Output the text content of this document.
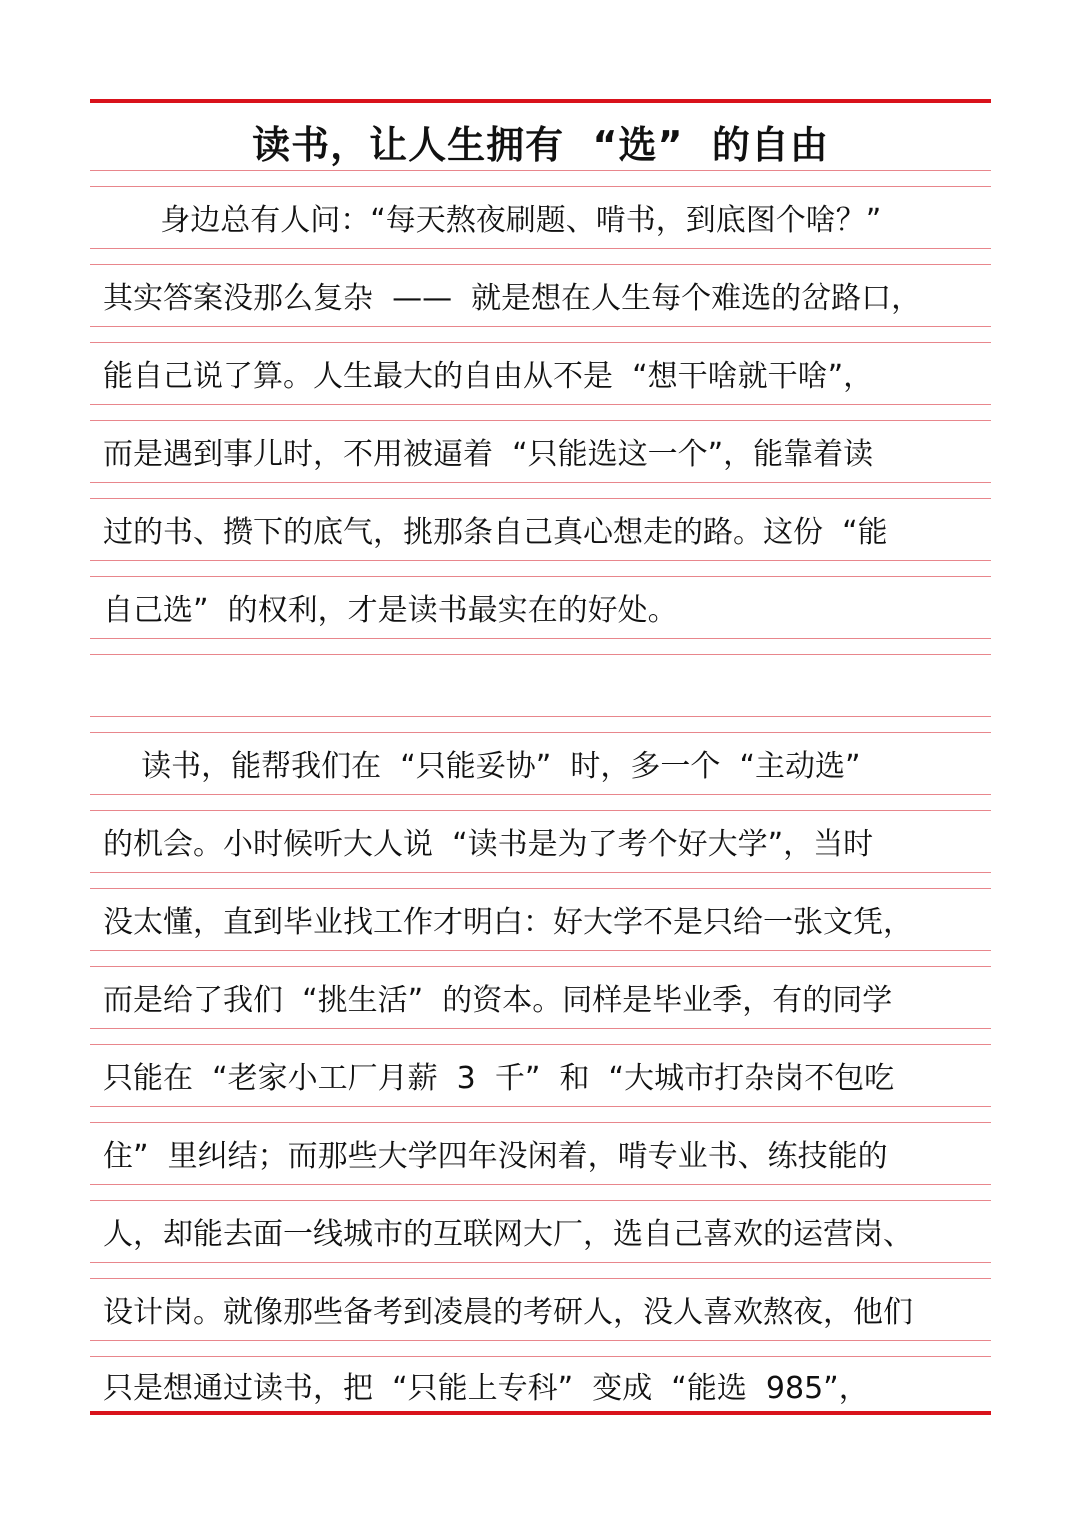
读书，让人生拥有  “选”  的自由
身边总有人问：“每天熬夜刷题、啃书，到底图个啥？”
其实答案没那么复杂  ——  就是想在人生每个难选的岔路口，
能自己说了算。人生最大的自由从不是  “想干啥就干啥”，
而是遇到事儿时，不用被逼着  “只能选这一个”，能靠着读
过的书、攒下的底气，挑那条自己真心想走的路。这份  “能
自己选”  的权利，才是读书最实在的好处。
读书，能帮我们在  “只能妥协”  时，多一个  “主动选”
的机会。小时候听大人说  “读书是为了考个好大学”，当时
没太懂，直到毕业找工作才明白：好大学不是只给一张文凭，
而是给了我们  “挑生活”  的资本。同样是毕业季，有的同学
只能在  “老家小工厂月薪  3  千”  和  “大城市打杂岗不包吃
住”  里纠结；而那些大学四年没闲着，啃专业书、练技能的
人，却能去面一线城市的互联网大厂，选自己喜欢的运营岗、
设计岗。就像那些备考到凌晨的考研人，没人喜欢熬夜，他们
只是想通过读书，把  “只能上专科”  变成  “能选  985”，
